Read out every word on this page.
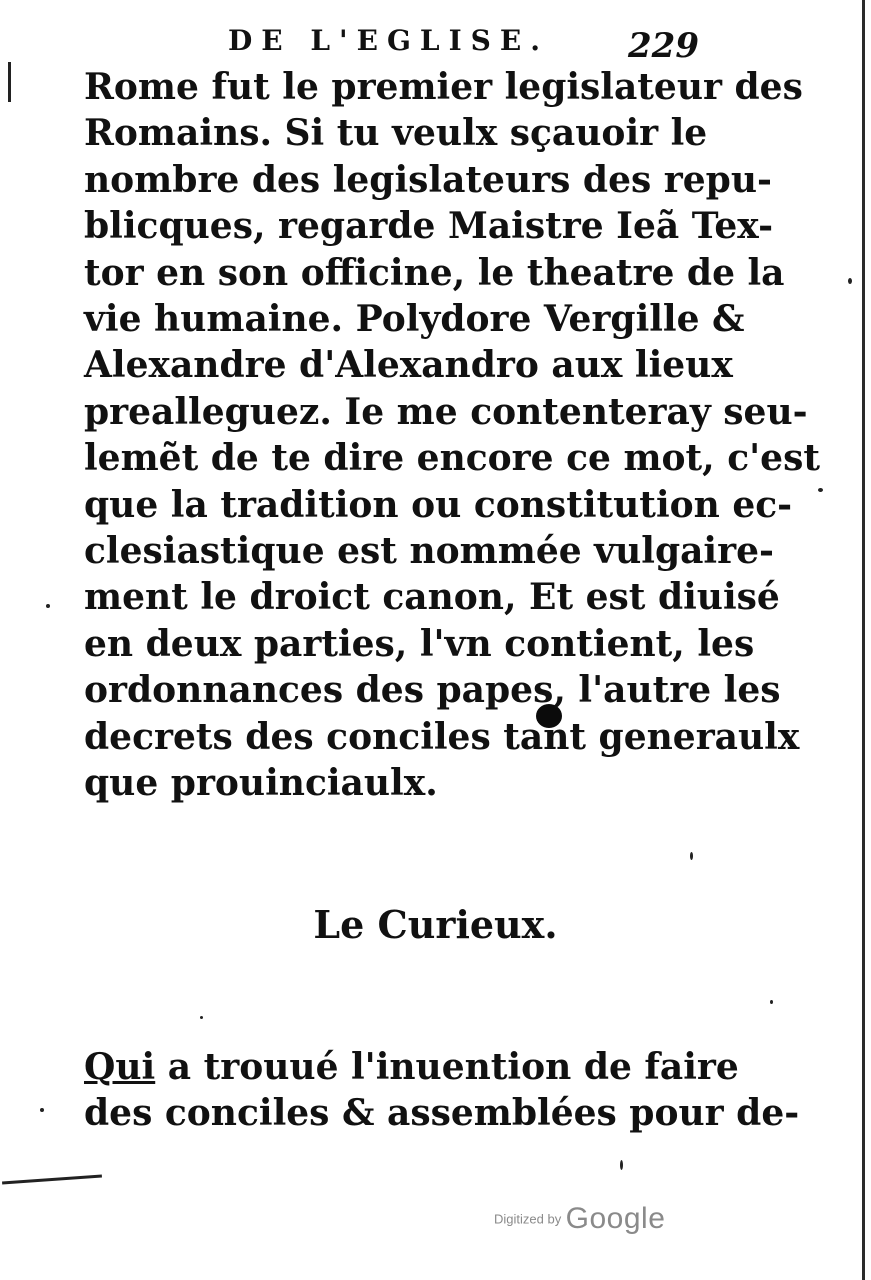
DE L'EGLISE. 229
Rome fut le premier legislateur des
Romains. Si tu veulx sçauoir le
nombre des legislateurs des repu-
blicques, regarde Maistre Ieã Tex-
tor en son officine, le theatre de la
vie humaine. Polydore Vergille &
Alexandre d'Alexandro aux lieux
prealleguez. Ie me contenteray seu-
lemẽt de te dire encore ce mot, c'est
que la tradition ou constitution ec-
clesiastique est nommée vulgaire-
ment le droict canon, Et est diuisé
en deux parties, l'vn contient, les
ordonnances des papes, l'autre les
decrets des conciles tant generaulx
que prouinciaulx.
Le Curieux.
Qui a trouué l'inuention de faire
des conciles & assemblées pour de-
Digitized by Google
